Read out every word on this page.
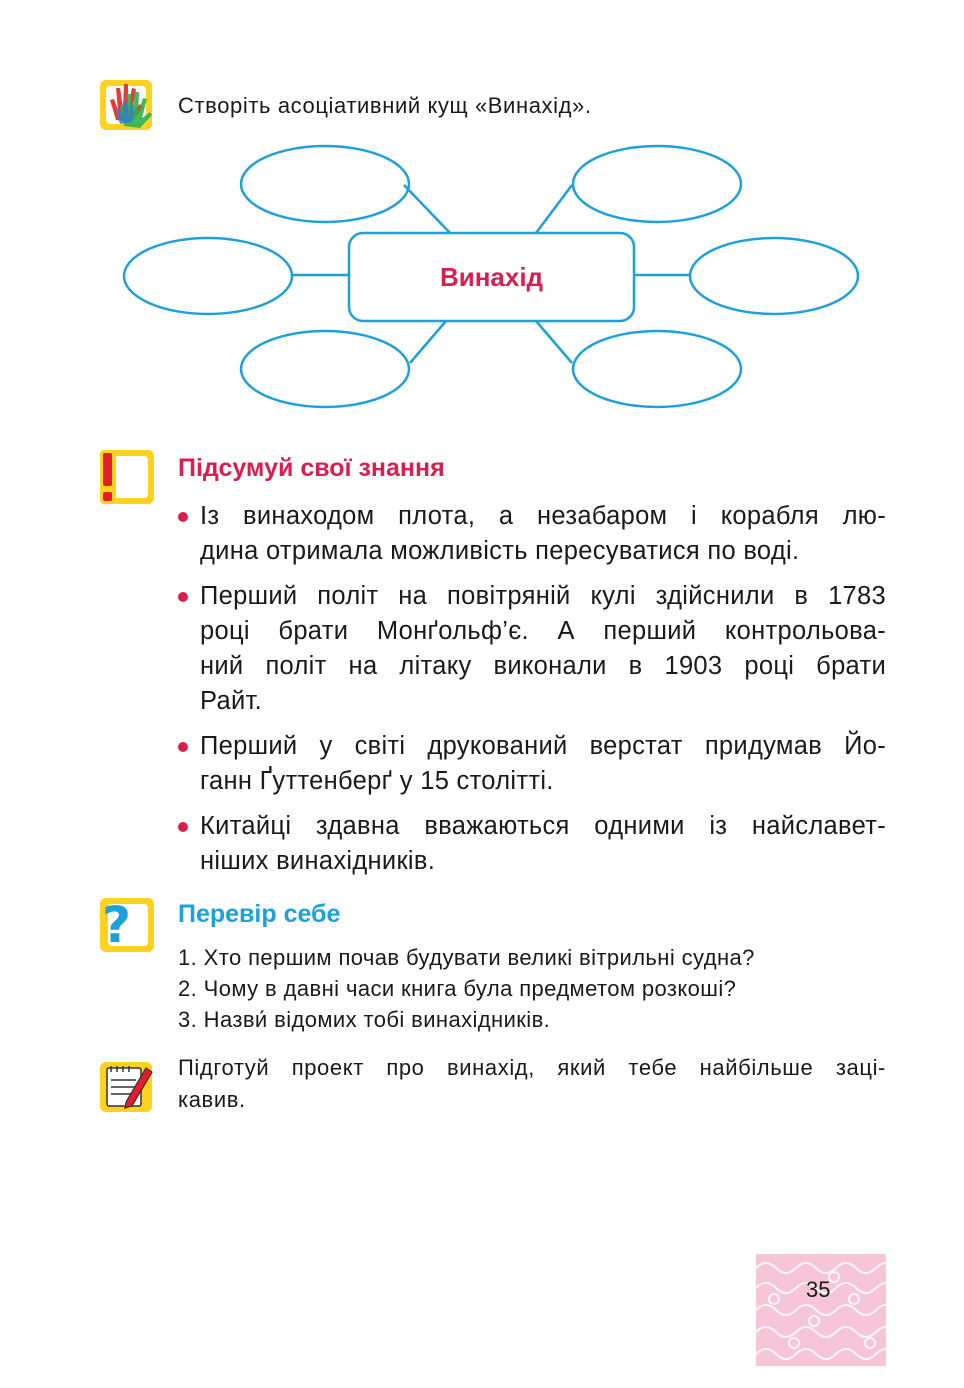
Створіть асоціативний кущ «Винахід».
Винахід
Підсумуй свої знання
Із винаходом плота, а незабаром і корабля лю-
дина отримала можливість пересуватися по воді.
Перший політ на повітряній кулі здійснили в 1783
році брати Монґольф’є. А перший контрольова-
ний політ на літаку виконали в 1903 році брати
Райт.
Перший у світі друкований верстат придумав Йо-
ганн Ґуттенберґ у 15 столітті.
Китайці здавна вважаються одними із найславет-
ніших винахідників.
? Перевір себе
1. Хто першим почав будувати великі вітрильні судна?
2. Чому в давні часи книга була предметом розкоші?
3. Назви́ відомих тобі винахідників.
Підготуй проект про винахід, який тебе найбільше заці-
кавив.
35
